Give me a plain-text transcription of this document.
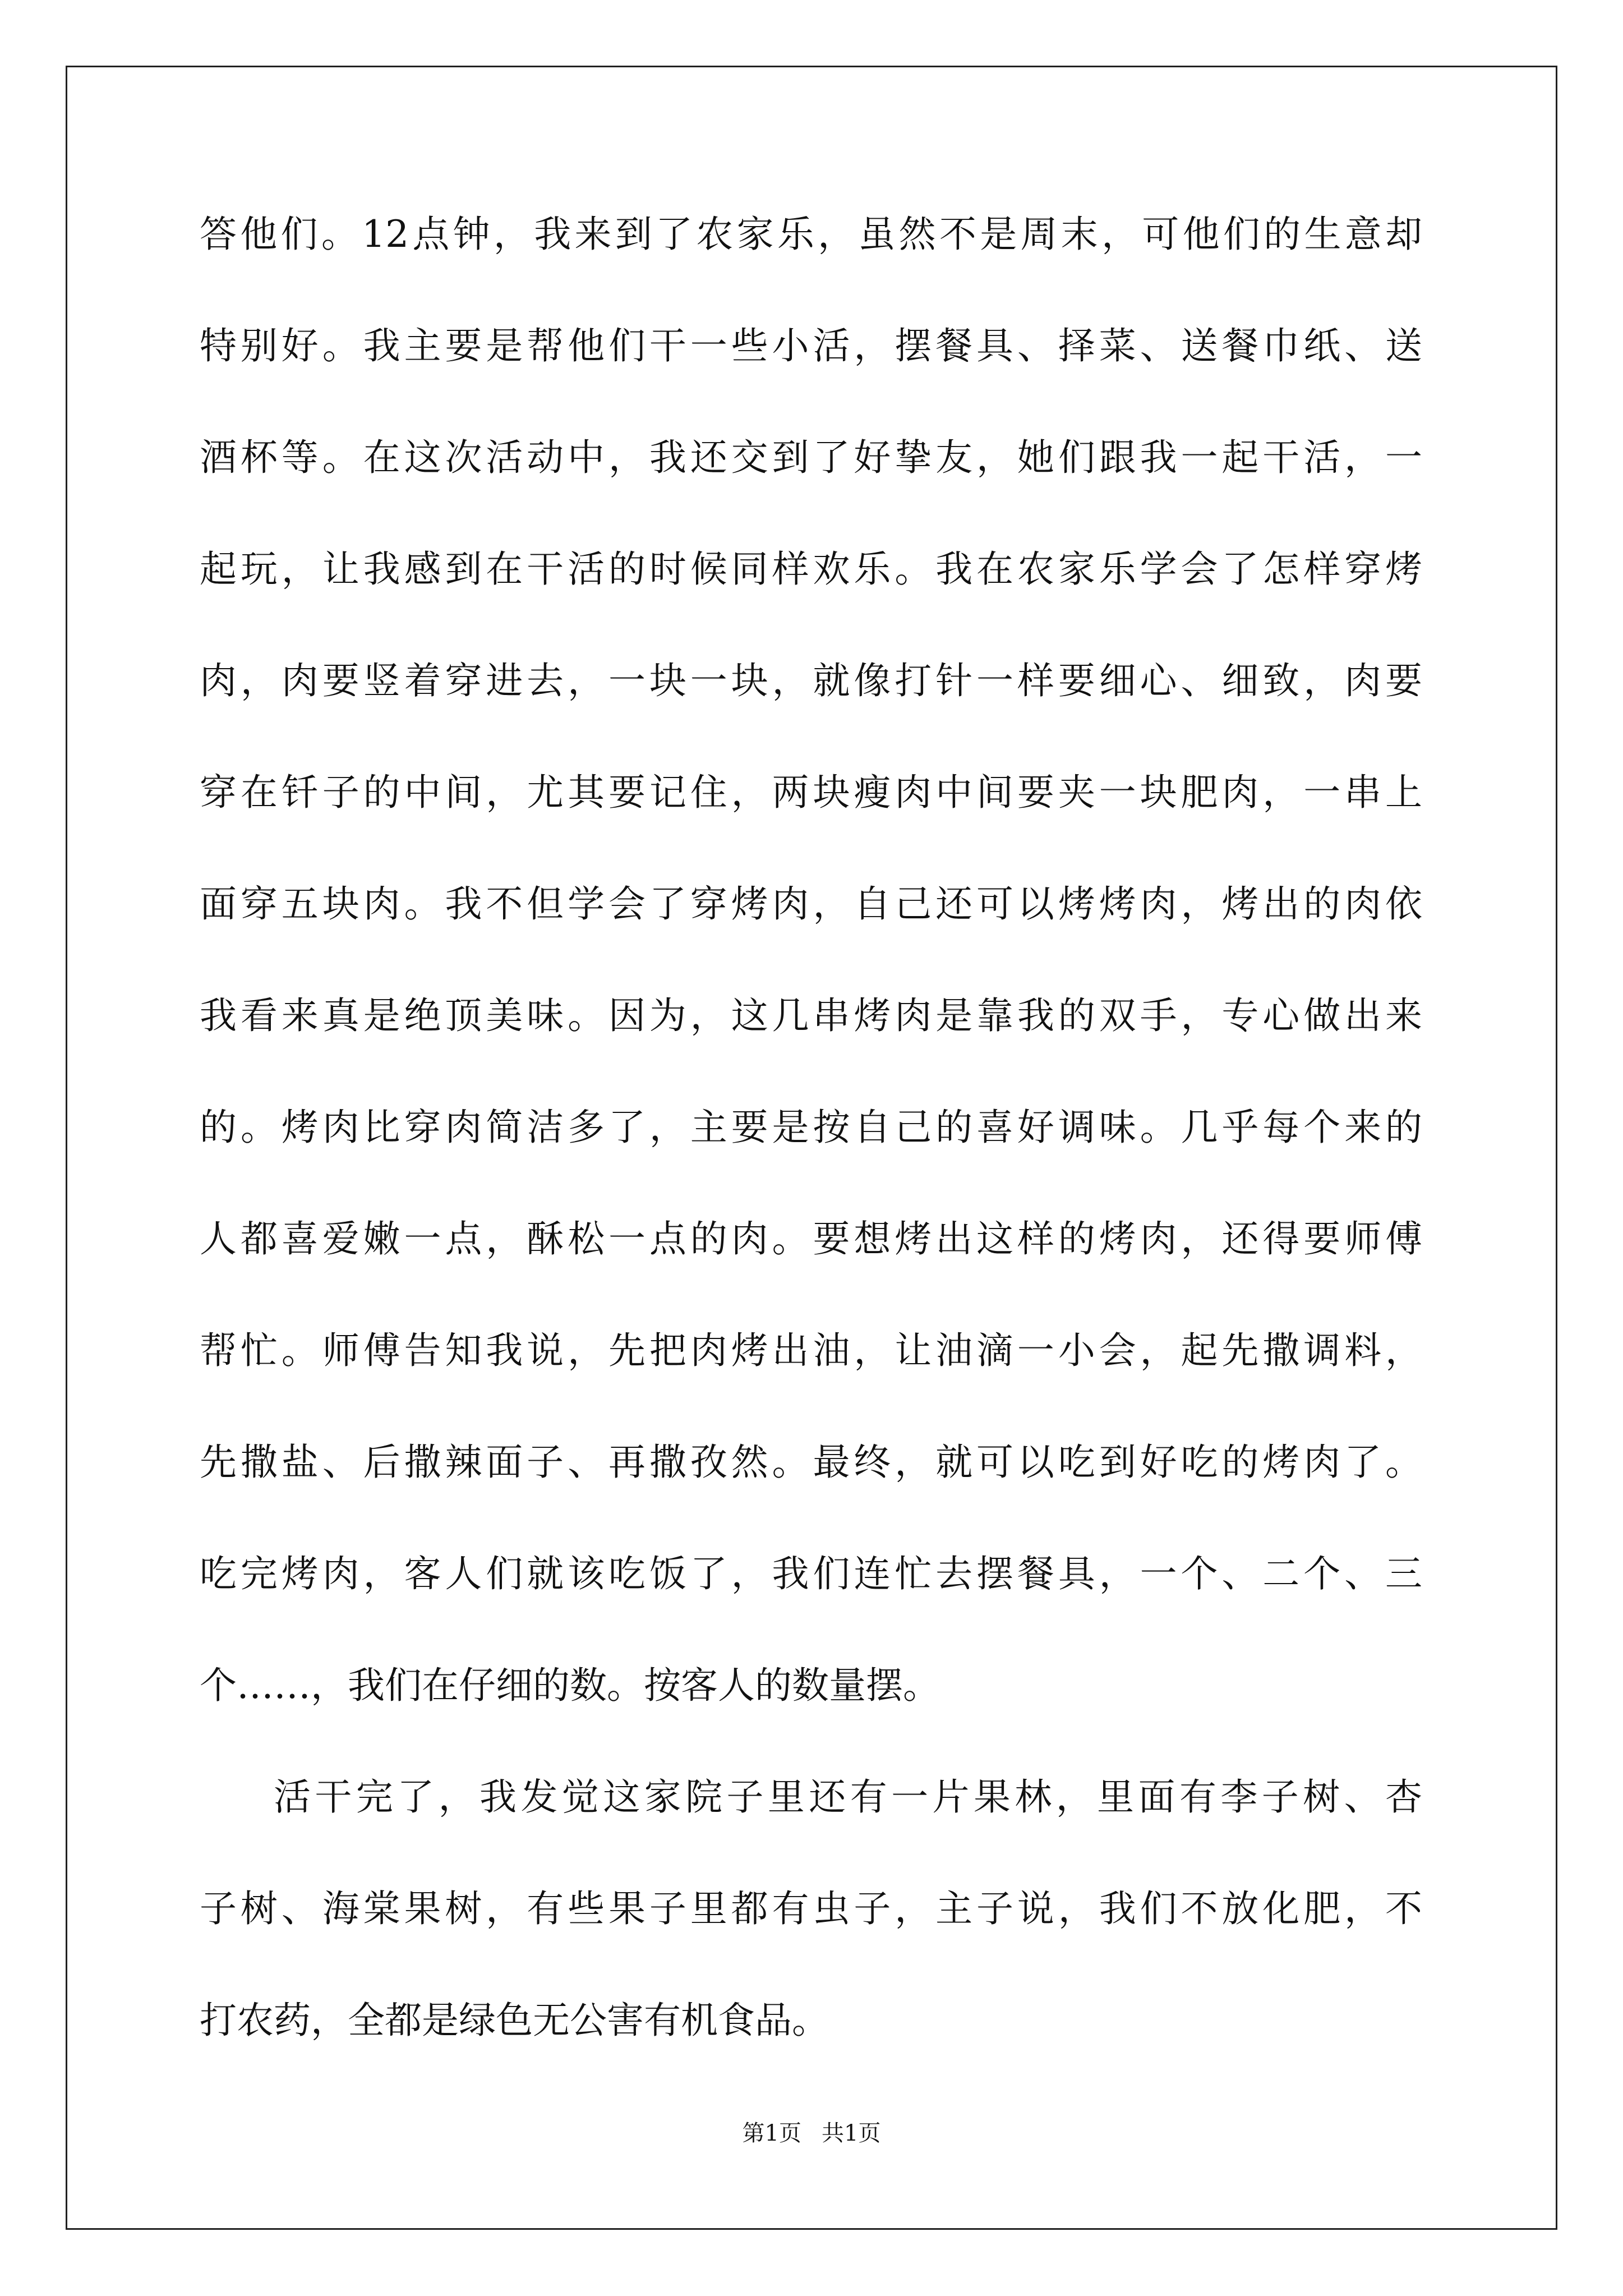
答他们。12点钟，我来到了农家乐，虽然不是周末，可他们的生意却
特别好。我主要是帮他们干一些小活，摆餐具、择菜、送餐巾纸、送
酒杯等。在这次活动中，我还交到了好挚友，她们跟我一起干活，一
起玩，让我感到在干活的时候同样欢乐。我在农家乐学会了怎样穿烤
肉，肉要竖着穿进去，一块一块，就像打针一样要细心、细致，肉要
穿在钎子的中间，尤其要记住，两块瘦肉中间要夹一块肥肉，一串上
面穿五块肉。我不但学会了穿烤肉，自己还可以烤烤肉，烤出的肉依
我看来真是绝顶美味。因为，这几串烤肉是靠我的双手，专心做出来
的。烤肉比穿肉简洁多了，主要是按自己的喜好调味。几乎每个来的
人都喜爱嫩一点，酥松一点的肉。要想烤出这样的烤肉，还得要师傅
帮忙。师傅告知我说，先把肉烤出油，让油滴一小会，起先撒调料，
先撒盐、后撒辣面子、再撒孜然。最终，就可以吃到好吃的烤肉了。
吃完烤肉，客人们就该吃饭了，我们连忙去摆餐具，一个、二个、三
个……，我们在仔细的数。按客人的数量摆。
活干完了，我发觉这家院子里还有一片果林，里面有李子树、杏
子树、海棠果树，有些果子里都有虫子，主子说，我们不放化肥，不
打农药，全都是绿色无公害有机食品。
第1页 共1页
